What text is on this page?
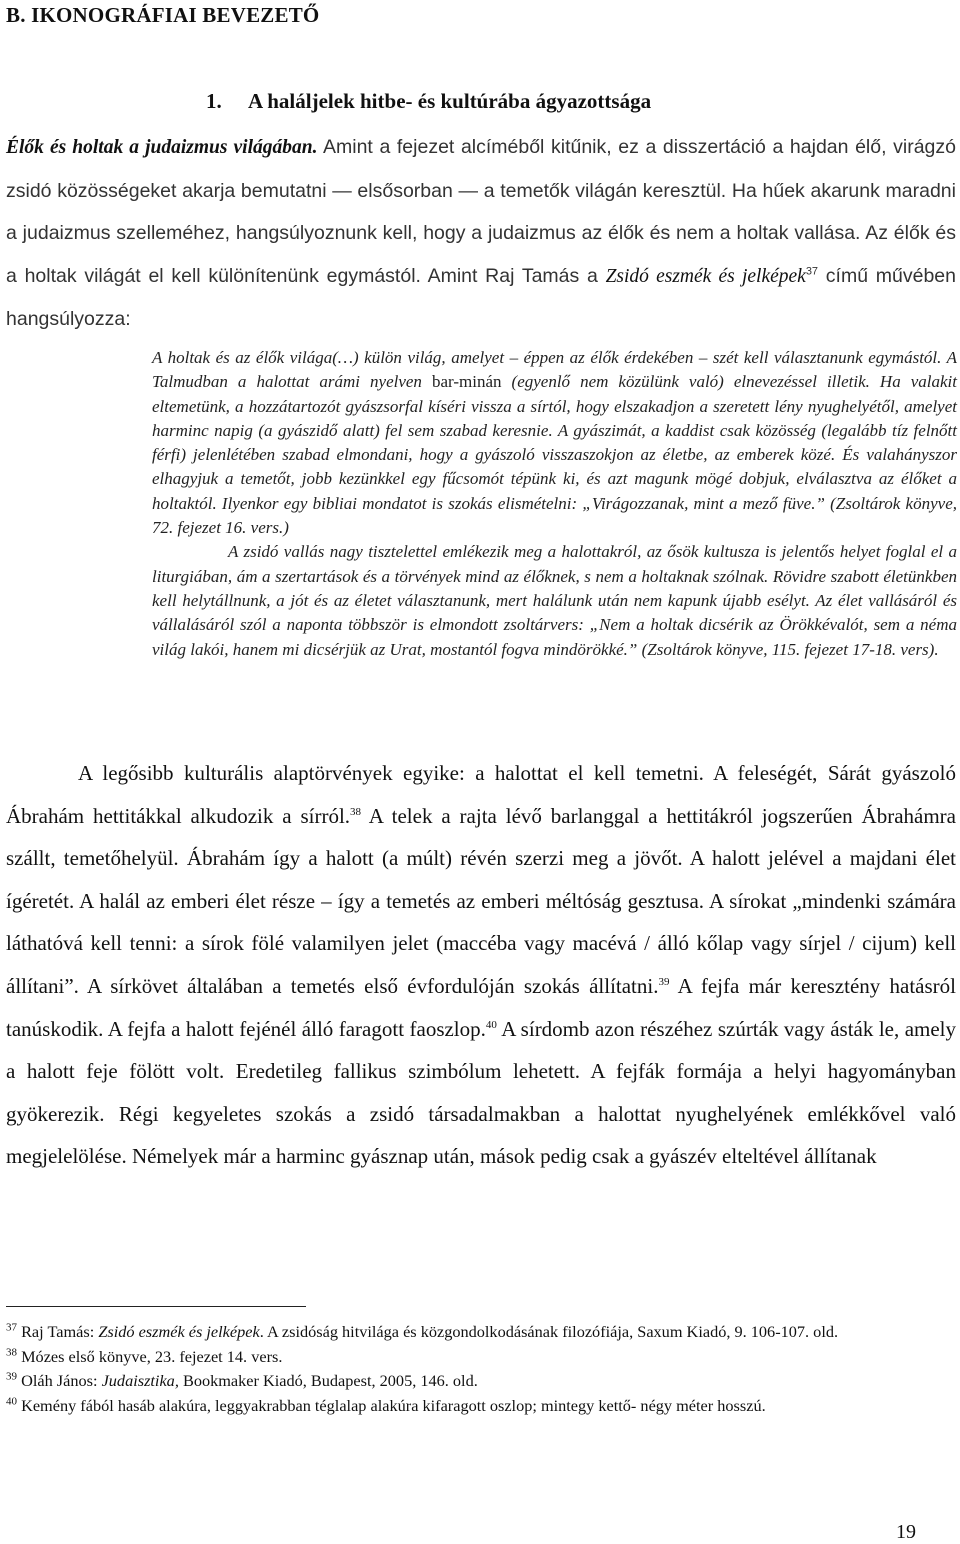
B. IKONOGRÁFIAI BEVEZETŐ
1.     A haláljelek hitbe- és kultúrába ágyazottsága

Élők és holtak a judaizmus világában. Amint a fejezet alcíméből kitűnik, ez a disszertáció a hajdan élő, virágzó zsidó közösségeket akarja bemutatni — elsősorban — a temetők világán keresztül. Ha hűek akarunk maradni a judaizmus szelleméhez, hangsúlyoznunk kell, hogy a judaizmus az élők és nem a holtak vallása. Az élők és a holtak világát el kell különítenünk egymástól. Amint Raj Tamás a Zsidó eszmék és jelképek$^{37}$ című művében hangsúlyozza:

A holtak és az élők világa(…) külön világ, amelyet – éppen az élők érdekében – szét kell választanunk egymástól. A Talmudban a halottat arámi nyelven bar-minán (egyenlő nem közülünk való) elnevezéssel illetik. Ha valakit eltemetünk, a hozzátartozót gyászsorfal kíséri vissza a sírtól, hogy elszakadjon a szeretett lény nyughelyétől, amelyet harminc napig (a gyászidő alatt) fel sem szabad keresnie. A gyászimát, a kaddist csak közösség (legalább tíz felnőtt férfi) jelenlétében szabad elmondani, hogy a gyászoló visszaszokjon az életbe, az emberek közé. És valahányszor elhagyjuk a temetőt, jobb kezünkkel egy fűcsomót tépünk ki, és azt magunk mögé dobjuk, elválasztva az élőket a holtaktól. Ilyenkor egy bibliai mondatot is szokás elismételni: „Virágozzanak, mint a mező füve.” (Zsoltárok könyve, 72. fejezet 16. vers.)
A zsidó vallás nagy tisztelettel emlékezik meg a halottakról, az ősök kultusza is jelentős helyet foglal el a liturgiában, ám a szertartások és a törvények mind az élőknek, s nem a holtaknak szólnak. Rövidre szabott életünkben kell helytállnunk, a jót és az életet választanunk, mert halálunk után nem kapunk újabb esélyt. Az élet vallásáról és vállalásáról szól a naponta többször is elmondott zsoltárvers: „Nem a holtak dicsérik az Örökkévalót, sem a néma világ lakói, hanem mi dicsérjük az Urat, mostantól fogva mindörökké.” (Zsoltárok könyve, 115. fejezet 17-18. vers).
A legősibb kulturális alaptörvények egyike: a halottat el kell temetni. A feleségét, Sárát gyászoló Ábrahám hettitákkal alkudozik a sírról.$^{38}$ A telek a rajta lévő barlanggal a hettitákról jogszerűen Ábrahámra szállt, temetőhelyül. Ábrahám így a halott (a múlt) révén szerzi meg a jövőt. A halott jelével a majdani élet ígéretét. A halál az emberi élet része – így a temetés az emberi méltóság gesztusa. A sírokat „mindenki számára láthatóvá kell tenni: a sírok fölé valamilyen jelet (maccéba vagy macévá / álló kőlap vagy sírjel / cijum) kell állítani”. A sírkövet általában a temetés első évfordulóján szokás állítatni.$^{39}$ A fejfa már keresztény hatásról tanúskodik. A fejfa a halott fejénél álló faragott faoszlop.$^{40}$ A sírdomb azon részéhez szúrták vagy ásták le, amely a halott feje fölött volt. Eredetileg fallikus szimbólum lehetett. A fejfák formája a helyi hagyományban gyökerezik. Régi kegyeletes szokás a zsidó társadalmakban a halottat nyughelyének emlékkővel való megjelelölése. Némelyek már a harminc gyásznap után, mások pedig csak a gyászév elteltével állítanak
$^{37}$ Raj Tamás: Zsidó eszmék és jelképek. A zsidóság hitvilága és közgondolkodásának filozófiája, Saxum Kiadó, 9. 106-107. old.
$^{38}$ Mózes első könyve, 23. fejezet 14. vers.
$^{39}$ Oláh János: Judaisztika, Bookmaker Kiadó, Budapest, 2005, 146. old.
$^{40}$ Kemény fából hasáb alakúra, leggyakrabban téglalap alakúra kifaragott oszlop; mintegy kettő- négy méter hosszú.
19
